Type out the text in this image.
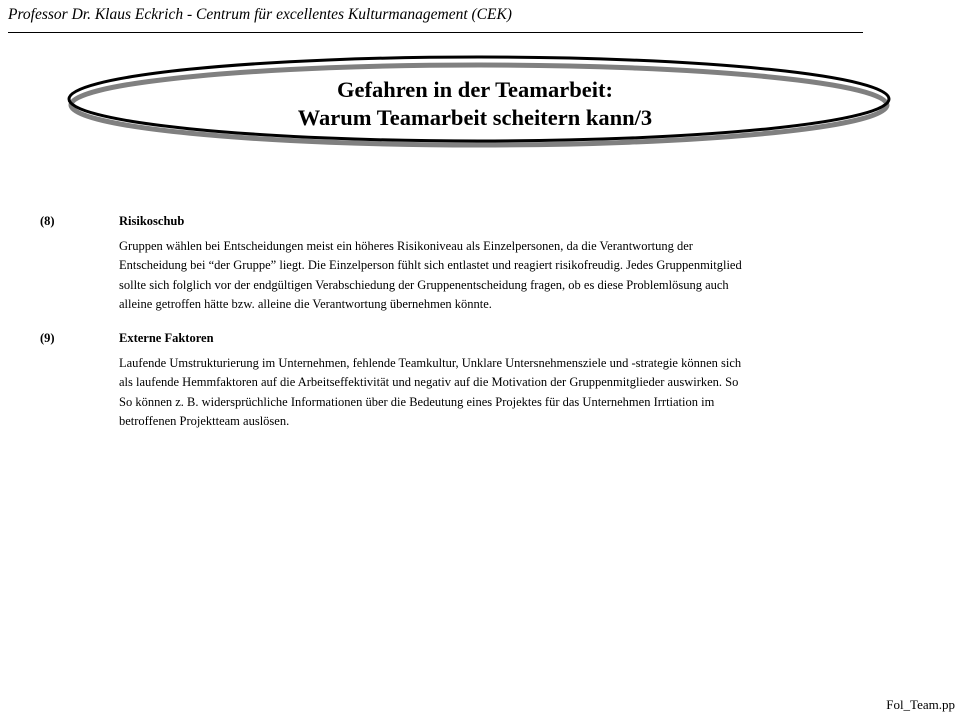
Professor Dr. Klaus Eckrich - Centrum für excellentes Kulturmanagement (CEK)
Gefahren in der Teamarbeit:
Warum Teamarbeit scheitern kann/3
(8)	Risikoschub
Gruppen wählen bei Entscheidungen meist ein höheres Risikoniveau als Einzelpersonen, da die Verantwortung der
Entscheidung bei “der Gruppe” liegt. Die Einzelperson fühlt sich entlastet und reagiert risikofreudig. Jedes Gruppenmitglied
sollte sich folglich vor der endgültigen Verabschiedung der Gruppenentscheidung fragen, ob es diese Problemlösung auch
alleine getroffen hätte bzw. alleine die Verantwortung übernehmen könnte.
(9)	Externe Faktoren
Laufende Umstrukturierung im Unternehmen, fehlende Teamkultur, Unklare Untersnehmensziele und -strategie können sich
als laufende Hemmfaktoren auf die Arbeitseffektivität und negativ auf die Motivation der Gruppenmitglieder auswirken. So
So können z. B. widersprüchliche Informationen über die Bedeutung eines Projektes für das Unternehmen Irrtiation im
betroffenen Projektteam auslösen.
Fol_Team.pp
